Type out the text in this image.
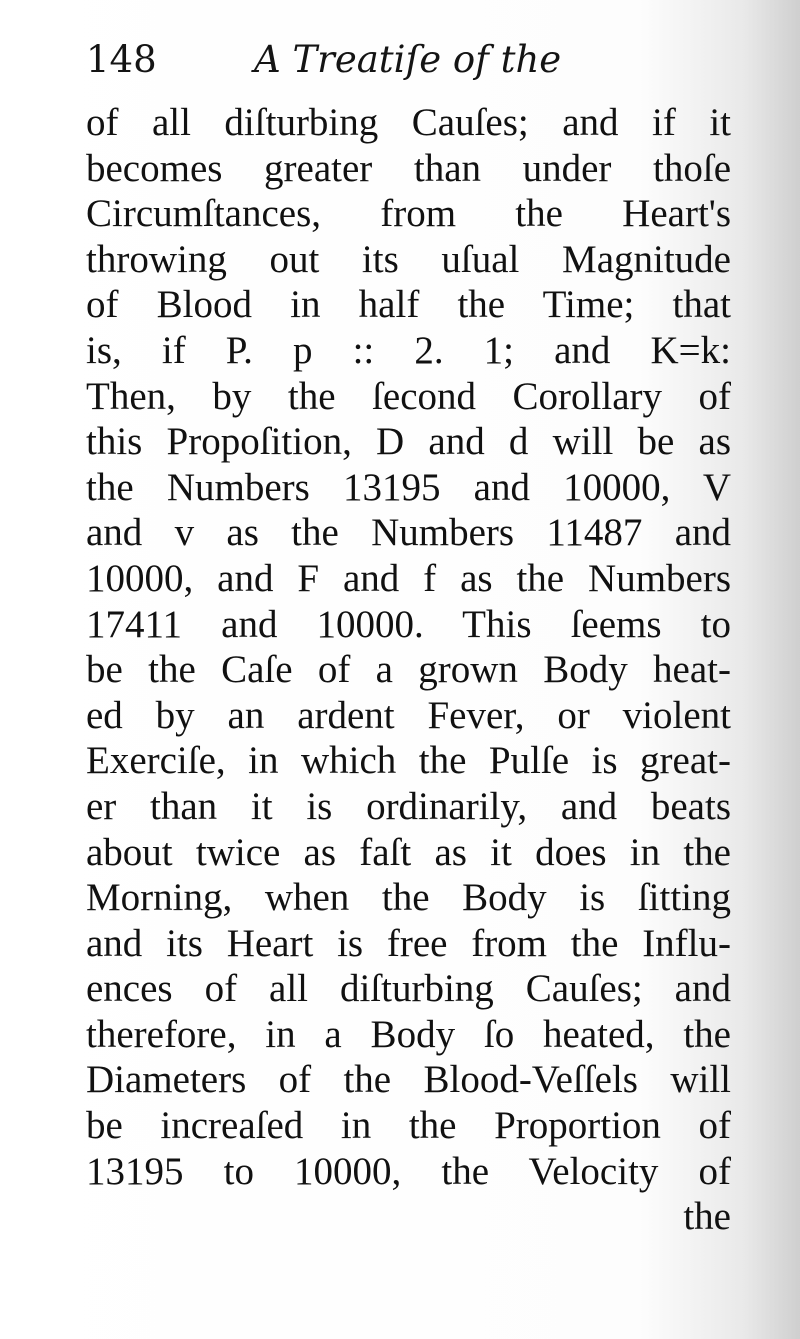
148	A Treatiſe of the
of all diſturbing Cauſes; and if it
becomes greater than under thoſe
Circumſtances, from the Heart's
throwing out its uſual Magnitude
of Blood in half the Time; that
is, if P. p :: 2. 1; and K=k:
Then, by the ſecond Corollary of
this Propoſition, D and d will be as
the Numbers 13195 and 10000, V
and v as the Numbers 11487 and
10000, and F and f as the Numbers
17411 and 10000. This ſeems to
be the Caſe of a grown Body heat-
ed by an ardent Fever, or violent
Exerciſe, in which the Pulſe is great-
er than it is ordinarily, and beats
about twice as faſt as it does in the
Morning, when the Body is ſitting
and its Heart is free from the Influ-
ences of all diſturbing Cauſes; and
therefore, in a Body ſo heated, the
Diameters of the Blood-Veſſels will
be increaſed in the Proportion of
13195 to 10000, the Velocity of
the
